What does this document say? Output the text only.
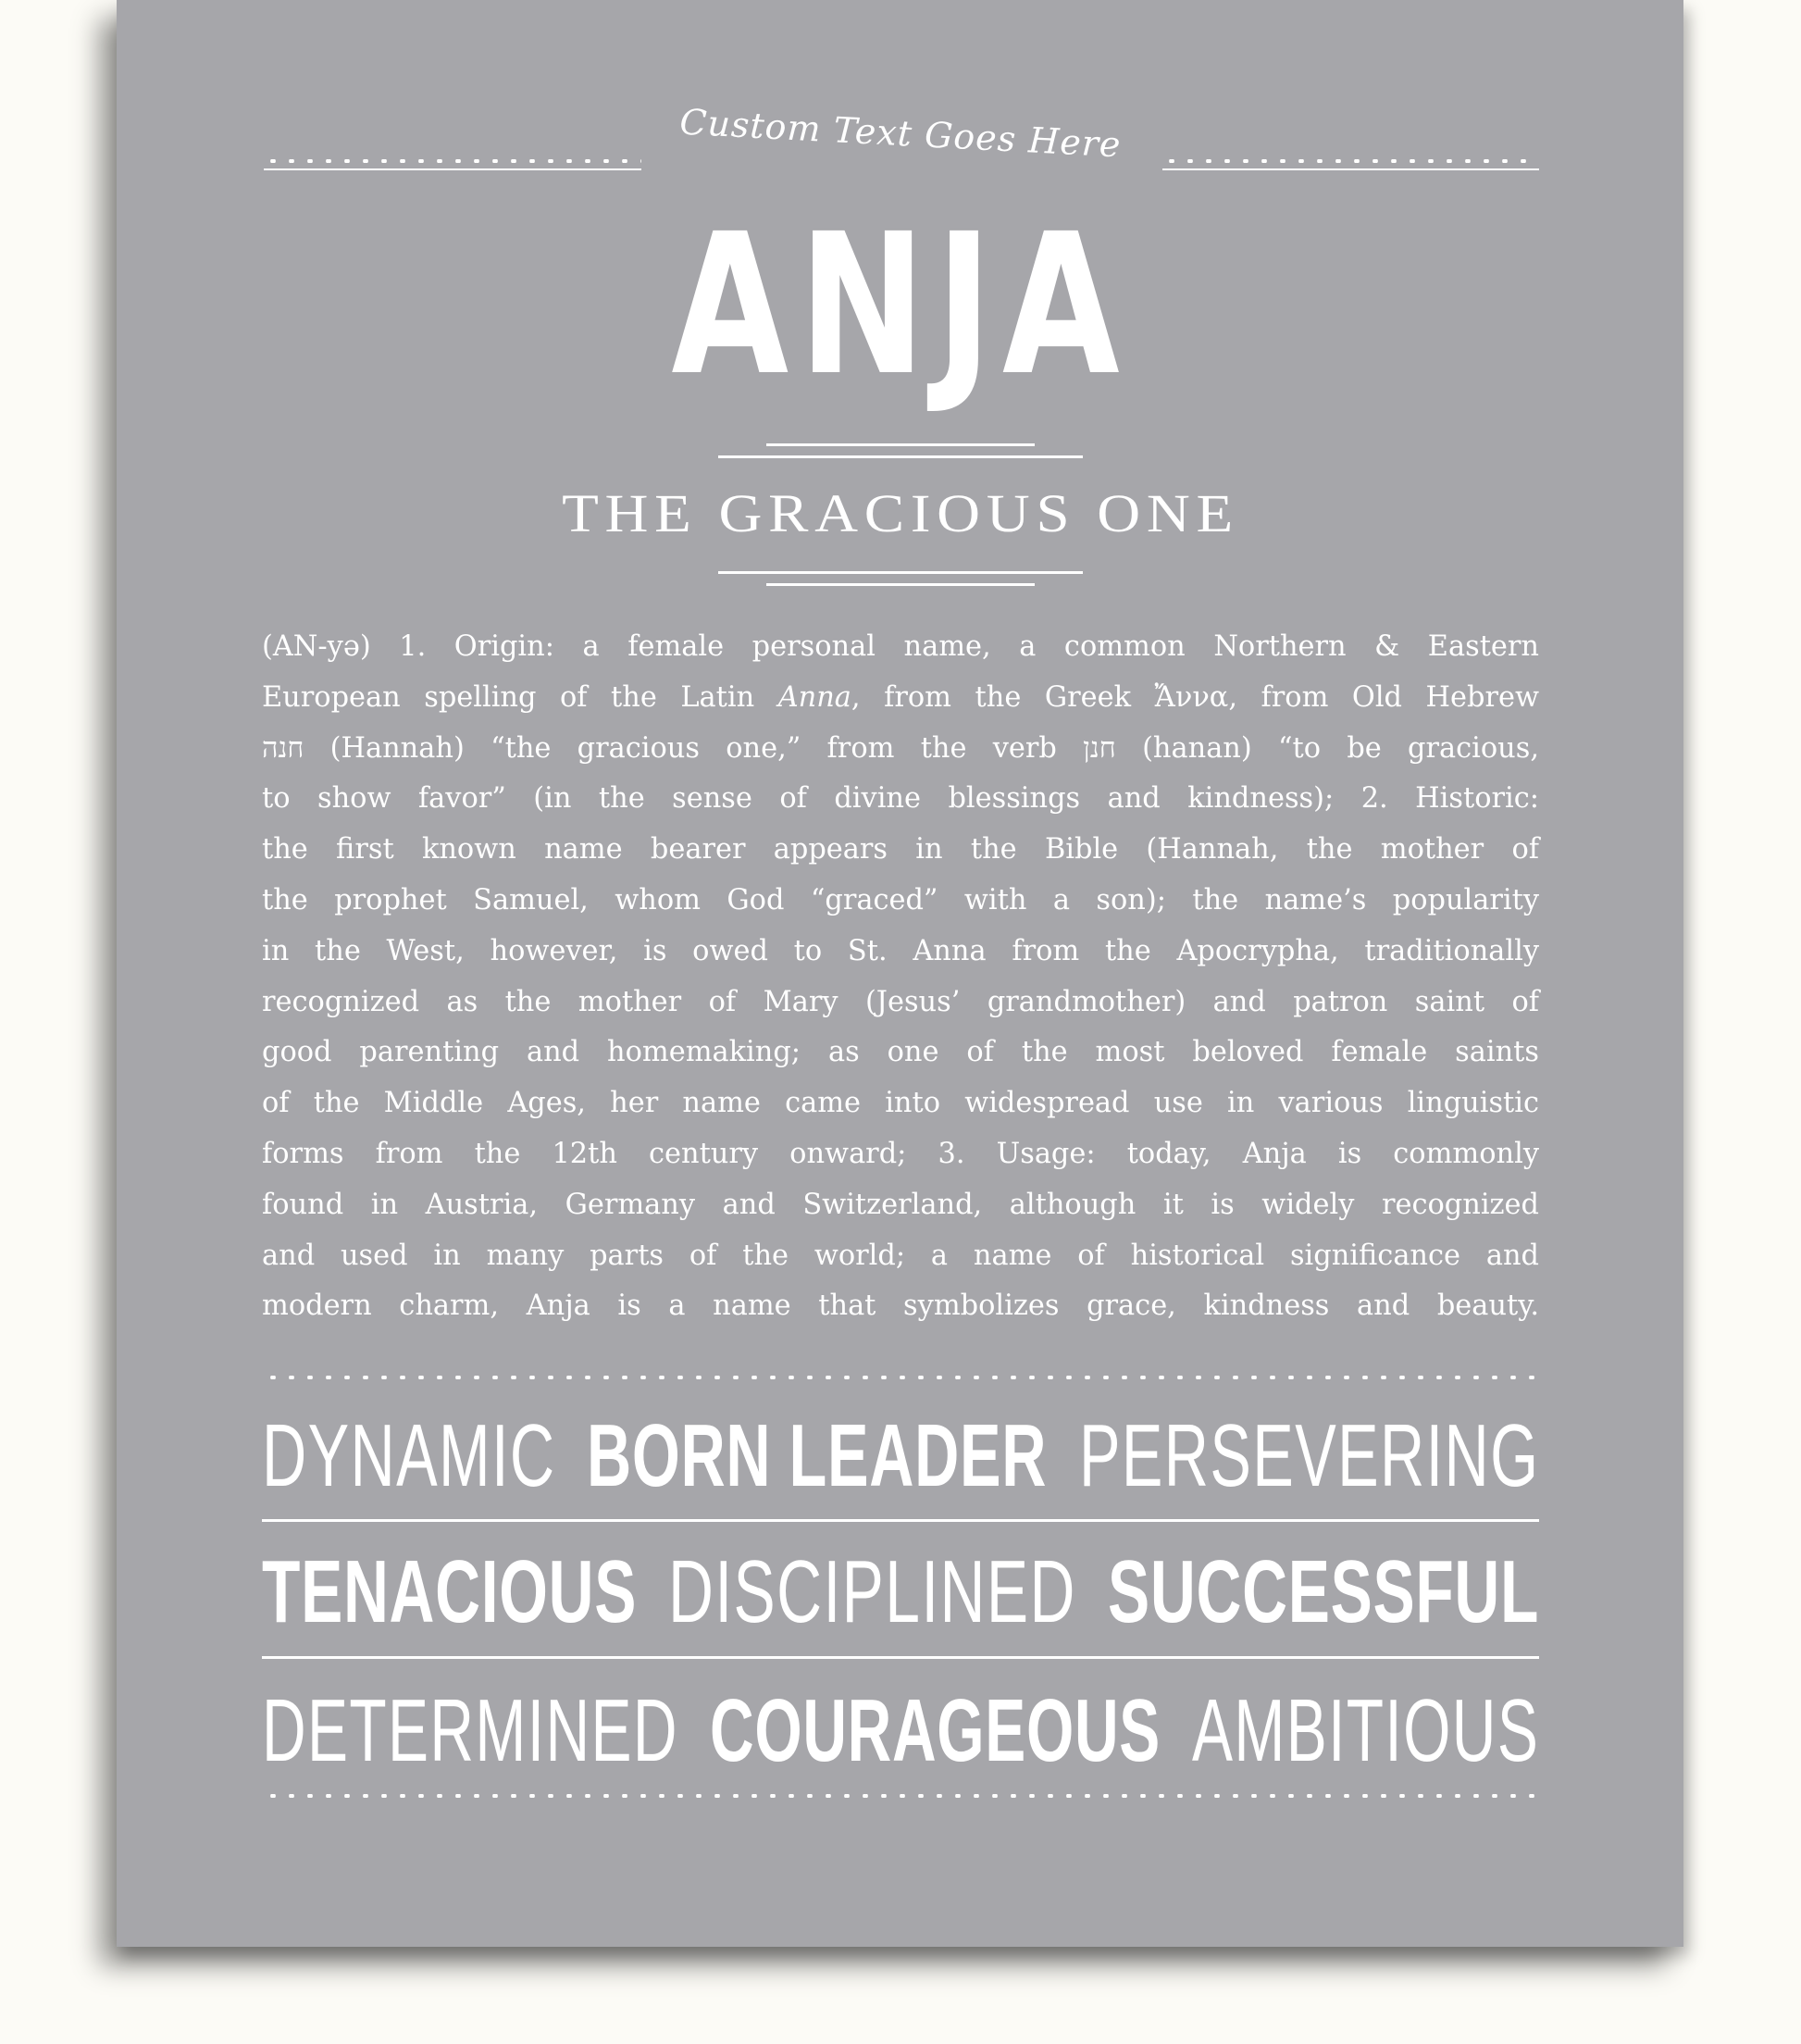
Custom Text Goes Here
ANJA
THE GRACIOUS ONE
(AN-yə) 1. Origin: a female personal name, a common Northern & Eastern
European spelling of the Latin Anna, from the Greek Ἄννα, from Old Hebrew
חנה (Hannah) “the gracious one,” from the verb חנן (hanan) “to be gracious,
to show favor” (in the sense of divine blessings and kindness); 2. Historic:
the first known name bearer appears in the Bible (Hannah, the mother of
the prophet Samuel, whom God “graced” with a son); the name’s popularity
in the West, however, is owed to St. Anna from the Apocrypha, traditionally
recognized as the mother of Mary (Jesus’ grandmother) and patron saint of
good parenting and homemaking; as one of the most beloved female saints
of the Middle Ages, her name came into widespread use in various linguistic
forms from the 12th century onward; 3. Usage: today, Anja is commonly
found in Austria, Germany and Switzerland, although it is widely recognized
and used in many parts of the world; a name of historical significance and
modern charm, Anja is a name that symbolizes grace, kindness and beauty.
DYNAMIC BORN LEADER PERSEVERING
TENACIOUS DISCIPLINED SUCCESSFUL
DETERMINED COURAGEOUS AMBITIOUS
